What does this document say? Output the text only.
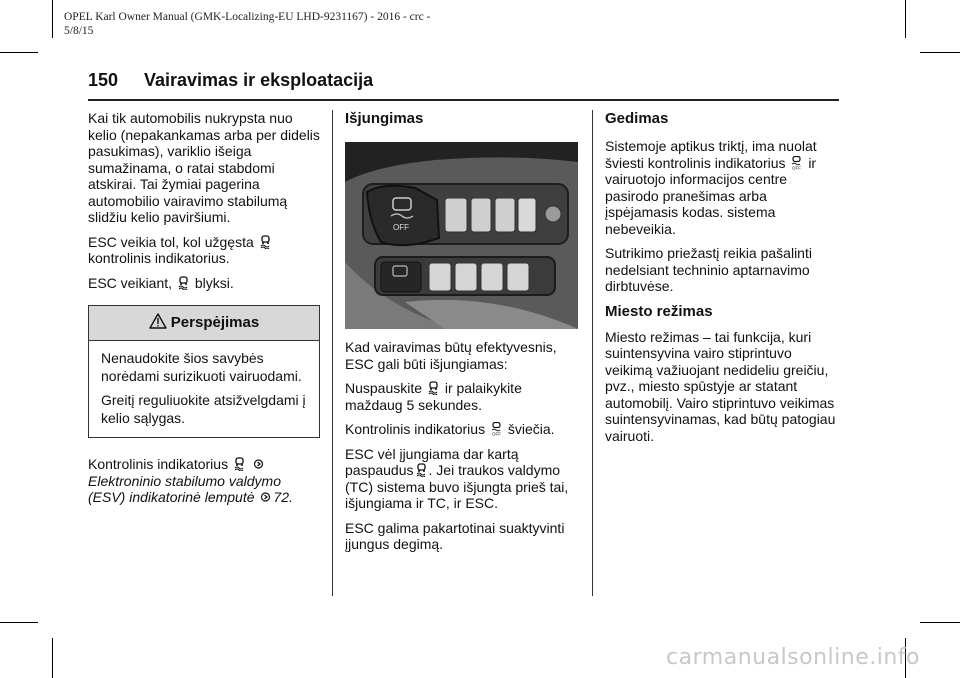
OPEL Karl Owner Manual (GMK-Localizing-EU LHD-9231167) - 2016 - crc -
5/8/15
150 Vairavimas ir eksploatacija

Kai tik automobilis nukrypsta nuo kelio (nepakankamas arba per didelis pasukimas), variklio išeiga sumažinama, o ratai stabdomi atskirai. Tai žymiai pagerina automobilio vairavimo stabilumą slidžiu kelio paviršiumi.

ESC veikia tol, kol užgęsta

kontrolinis indikatorius.

ESC veikiant, blyksi.

Perspėjimas

Nenaudokite šios savybės norėdami surizikuoti vairuodami.

Greitį reguliuokite atsižvelgdami į kelio sąlygas.

Kontrolinis indikatorius

Elektroninio stabilumo valdymo (ESV) indikatorinė lemputė 72.

Išjungimas
OFF

Kad vairavimas būtų efektyvesnis, ESC gali būti išjungiamas:

Nuspauskite ir palaikykite maždaug 5 sekundes.

Kontrolinis indikatorius OFF šviečia.

ESC vėl įjungiama dar kartą paspaudus . Jei traukos valdymo (TC) sistema buvo išjungta prieš tai, išjungiama ir TC, ir ESC.

ESC galima pakartotinai suaktyvinti įjungus degimą.

Gedimas

Sistemoje aptikus triktį, ima nuolat šviesti kontrolinis indikatorius OFF ir vairuotojo informacijos centre pasirodo pranešimas arba įspėjamasis kodas. sistema nebeveikia.

Sutrikimo priežastį reikia pašalinti nedelsiant techninio aptarnavimo dirbtuvėse.

Miesto režimas

Miesto režimas – tai funkcija, kuri suintensyvina vairo stiprintuvo veikimą važiuojant nedideliu greičiu, pvz., miesto spūstyje ar statant automobilį. Vairo stiprintuvo veikimas suintensyvinamas, kad būtų patogiau vairuoti.

carmanualsonline.info
